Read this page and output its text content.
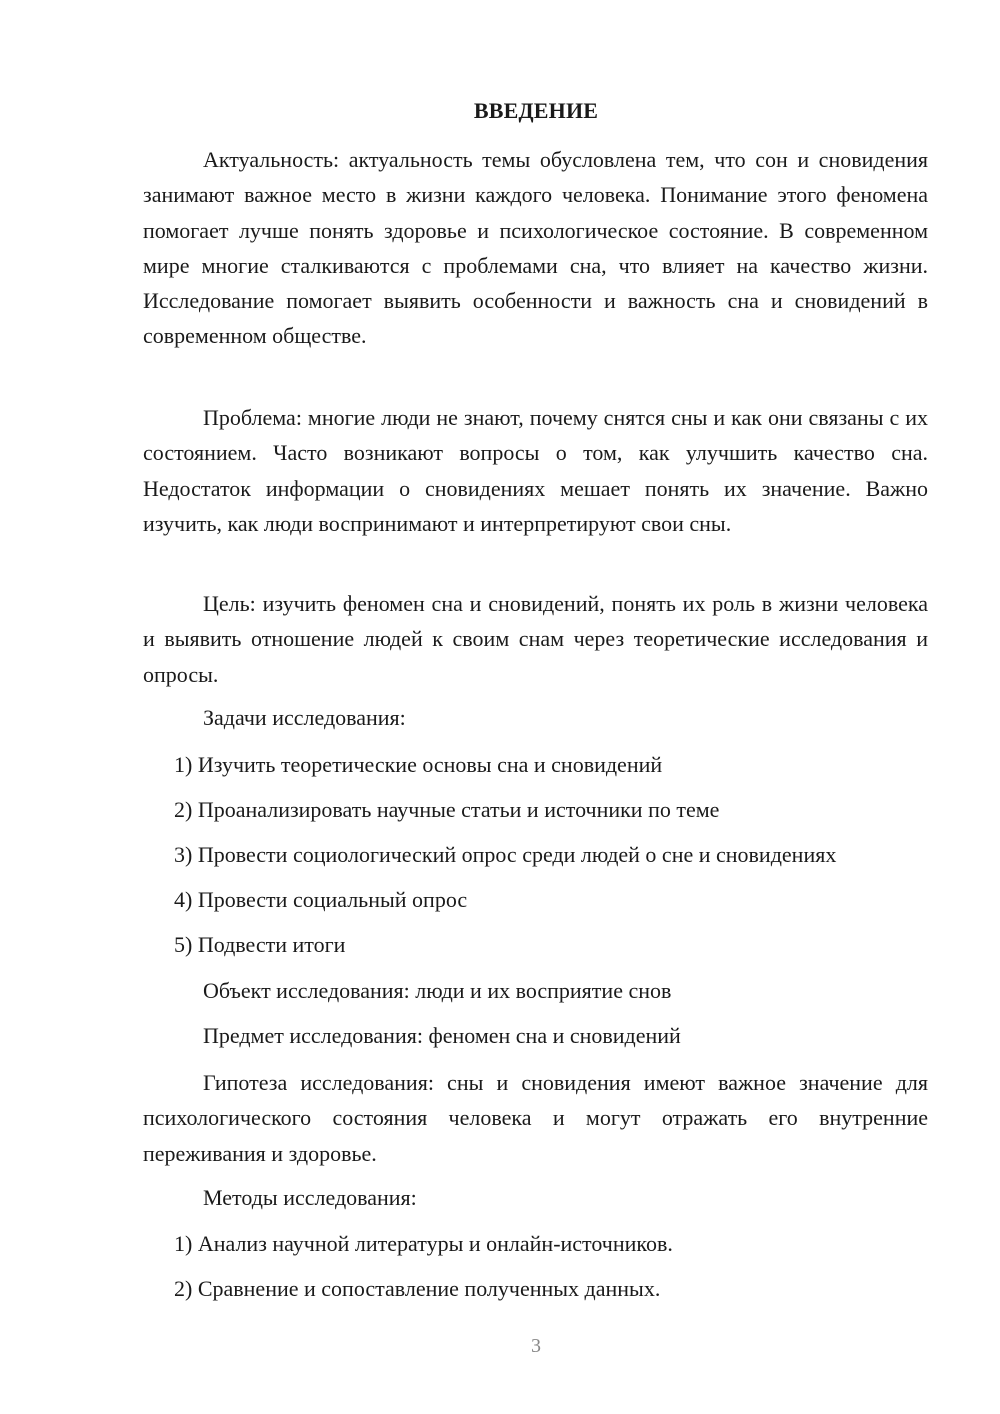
ВВЕДЕНИЕ

Актуальность: актуальность темы обусловлена тем, что сон и сновидения занимают важное место в жизни каждого человека. Понимание этого феномена помогает лучше понять здоровье и психологическое состояние. В современном мире многие сталкиваются с проблемами сна, что влияет на качество жизни. Исследование помогает выявить особенности и важность сна и сновидений в современном обществе.

Проблема: многие люди не знают, почему снятся сны и как они связаны с их состоянием. Часто возникают вопросы о том, как улучшить качество сна. Недостаток информации о сновидениях мешает понять их значение. Важно изучить, как люди воспринимают и интерпретируют свои сны.

Цель: изучить феномен сна и сновидений, понять их роль в жизни человека и выявить отношение людей к своим снам через теоретические исследования и опросы.

Задачи исследования:
1) Изучить теоретические основы сна и сновидений
2) Проанализировать научные статьи и источники по теме
3) Провести социологический опрос среди людей о сне и сновидениях
4) Провести социальный опрос
5) Подвести итоги
Объект исследования: люди и их восприятие снов
Предмет исследования: феномен сна и сновидений

Гипотеза исследования: сны и сновидения имеют важное значение для психологического состояния человека и могут отражать его внутренние переживания и здоровье.

Методы исследования:
1) Анализ научной литературы и онлайн-источников.
2) Сравнение и сопоставление полученных данных.
3
